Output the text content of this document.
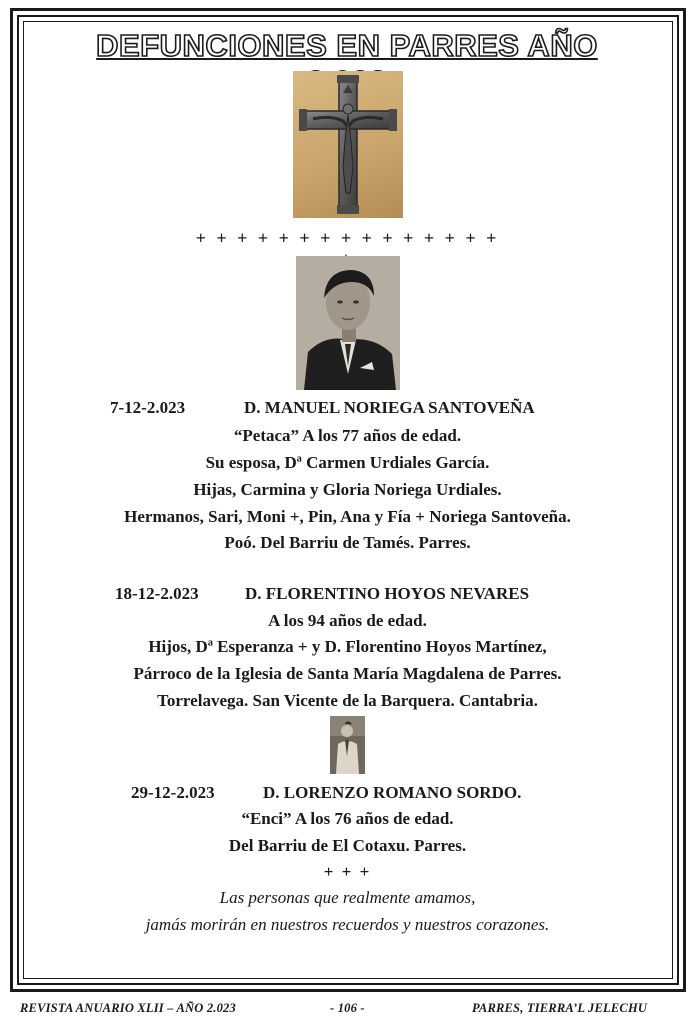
DEFUNCIONES EN PARRES AÑO
+ + + + + + + + + + + + + + +
7-12-2.023	D. MANUEL NORIEGA SANTOVEÑA
“Petaca” A los 77 años de edad.
Su esposa, Dª Carmen Urdiales García.
Hijas, Carmina y Gloria Noriega Urdiales.
Hermanos, Sari, Moni +, Pin, Ana y Fía + Noriega Santoveña.
Poó. Del Barriu de Tamés. Parres.
18-12-2.023	D. FLORENTINO HOYOS NEVARES
A los 94 años de edad.
Hijos, Dª Esperanza + y D. Florentino Hoyos Martínez,
Párroco de la Iglesia de Santa María Magdalena de Parres.
Torrelavega. San Vicente de la Barquera. Cantabria.
29-12-2.023	D. LORENZO ROMANO SORDO.
“Enci” A los 76 años de edad.
Del Barriu de El Cotaxu. Parres.
+ + +
Las personas que realmente amamos,
jamás morirán en nuestros recuerdos y nuestros corazones.
REVISTA ANUARIO XLII – AÑO 2.023	- 106 -	PARRES, TIERRA’L JELECHU
